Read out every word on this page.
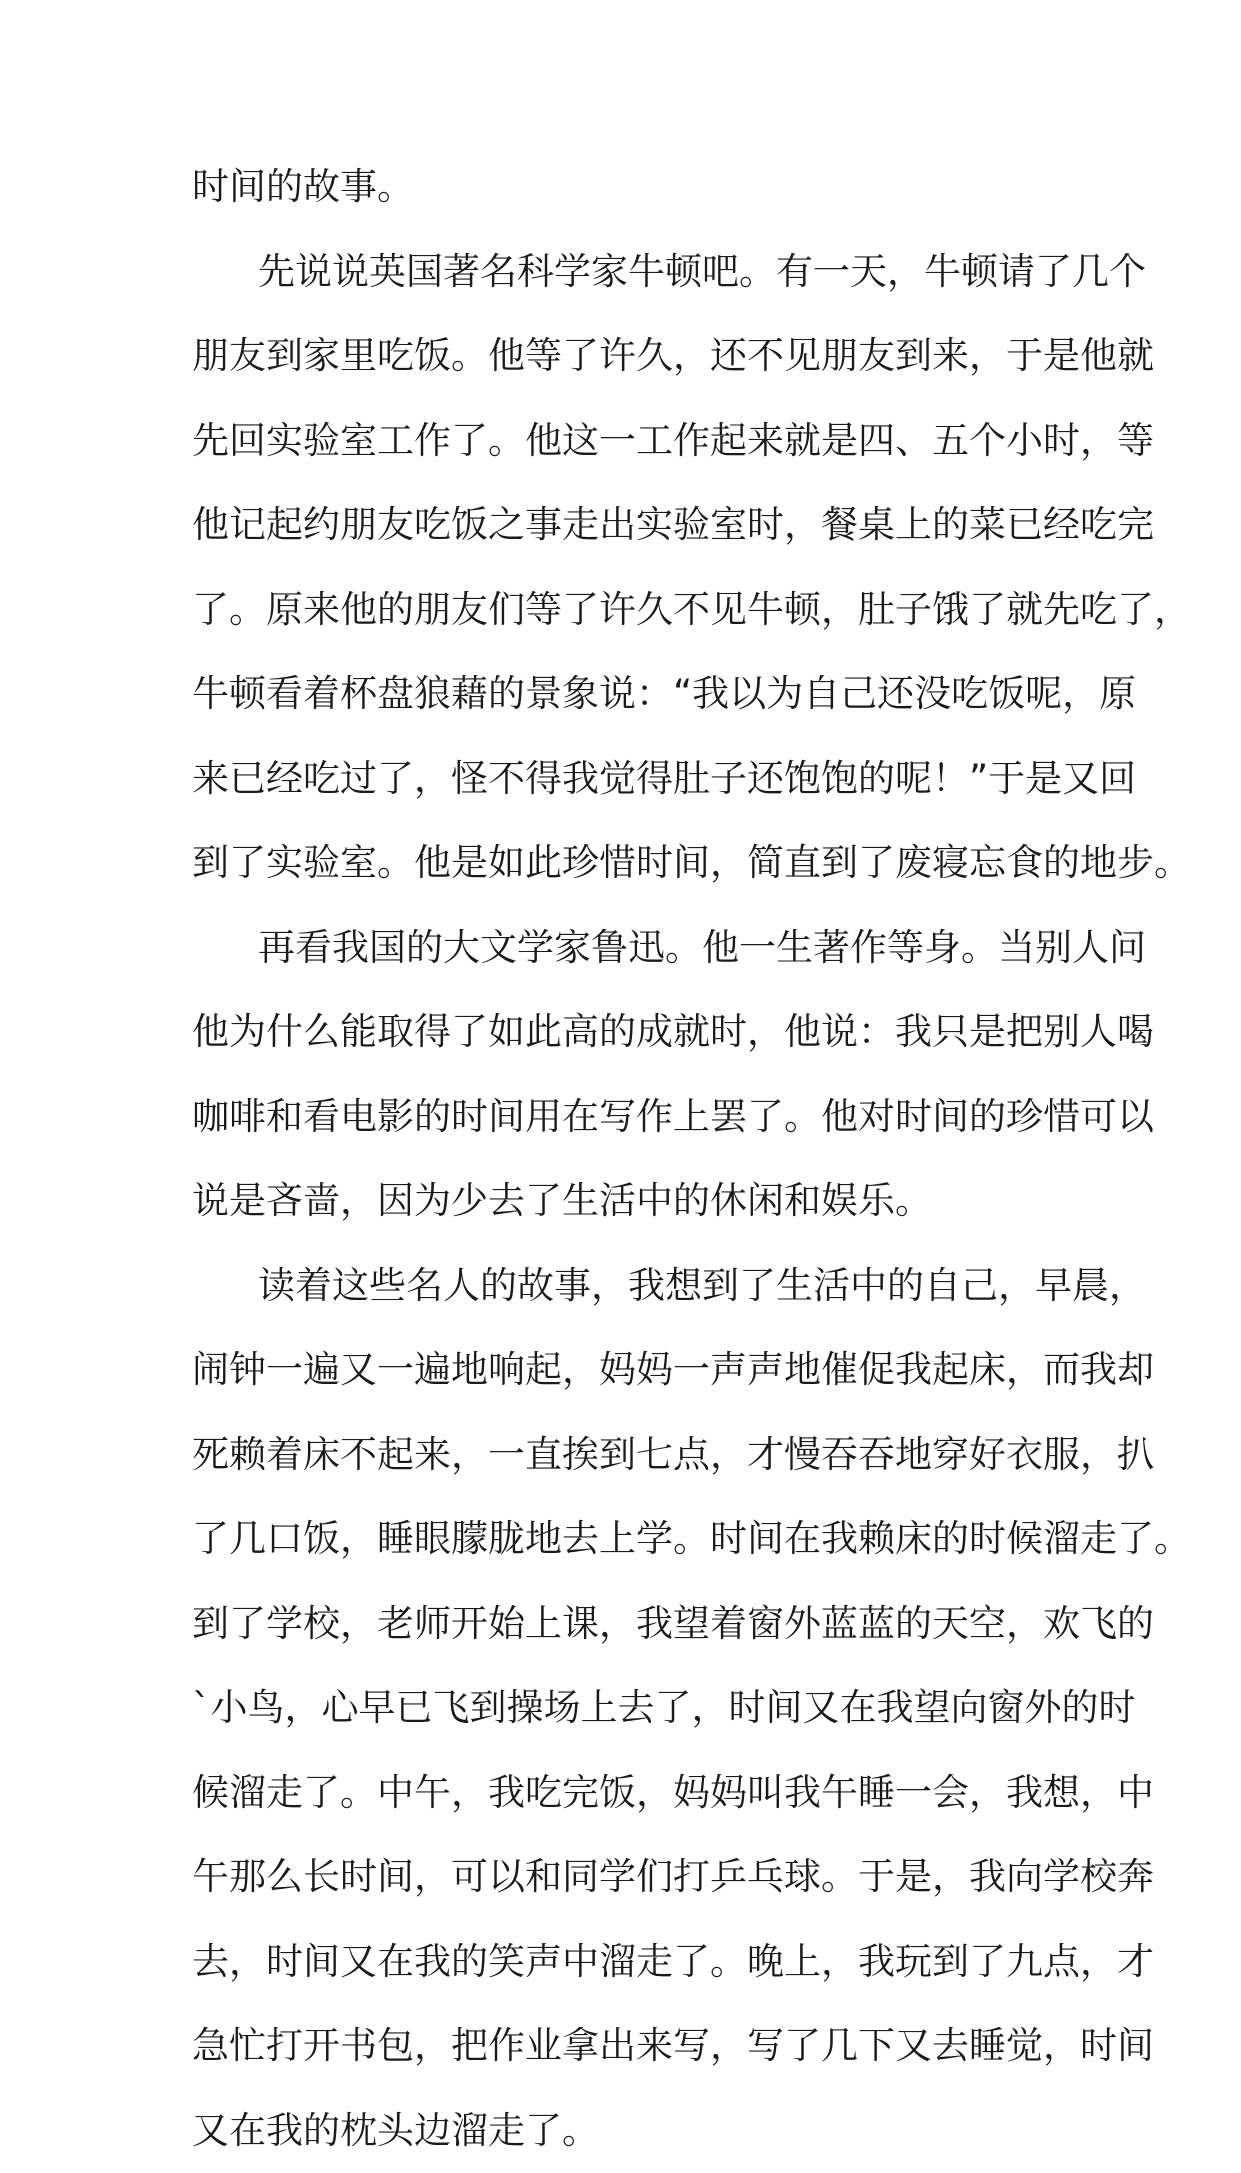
时间的故事。
先说说英国著名科学家牛顿吧。有一天，牛顿请了几个
朋友到家里吃饭。他等了许久，还不见朋友到来，于是他就
先回实验室工作了。他这一工作起来就是四、五个小时，等
他记起约朋友吃饭之事走出实验室时，餐桌上的菜已经吃完
了。原来他的朋友们等了许久不见牛顿，肚子饿了就先吃了，
牛顿看着杯盘狼藉的景象说：“我以为自己还没吃饭呢，原
来已经吃过了，怪不得我觉得肚子还饱饱的呢！”于是又回
到了实验室。他是如此珍惜时间，简直到了废寝忘食的地步。
再看我国的大文学家鲁迅。他一生著作等身。当别人问
他为什么能取得了如此高的成就时，他说：我只是把别人喝
咖啡和看电影的时间用在写作上罢了。他对时间的珍惜可以
说是吝啬，因为少去了生活中的休闲和娱乐。
读着这些名人的故事，我想到了生活中的自己，早晨，
闹钟一遍又一遍地响起，妈妈一声声地催促我起床，而我却
死赖着床不起来，一直挨到七点，才慢吞吞地穿好衣服，扒
了几口饭，睡眼朦胧地去上学。时间在我赖床的时候溜走了。
到了学校，老师开始上课，我望着窗外蓝蓝的天空，欢飞的
`小鸟，心早已飞到操场上去了，时间又在我望向窗外的时
候溜走了。中午，我吃完饭，妈妈叫我午睡一会，我想，中
午那么长时间，可以和同学们打乒乓球。于是，我向学校奔
去，时间又在我的笑声中溜走了。晚上，我玩到了九点，才
急忙打开书包，把作业拿出来写，写了几下又去睡觉，时间
又在我的枕头边溜走了。
